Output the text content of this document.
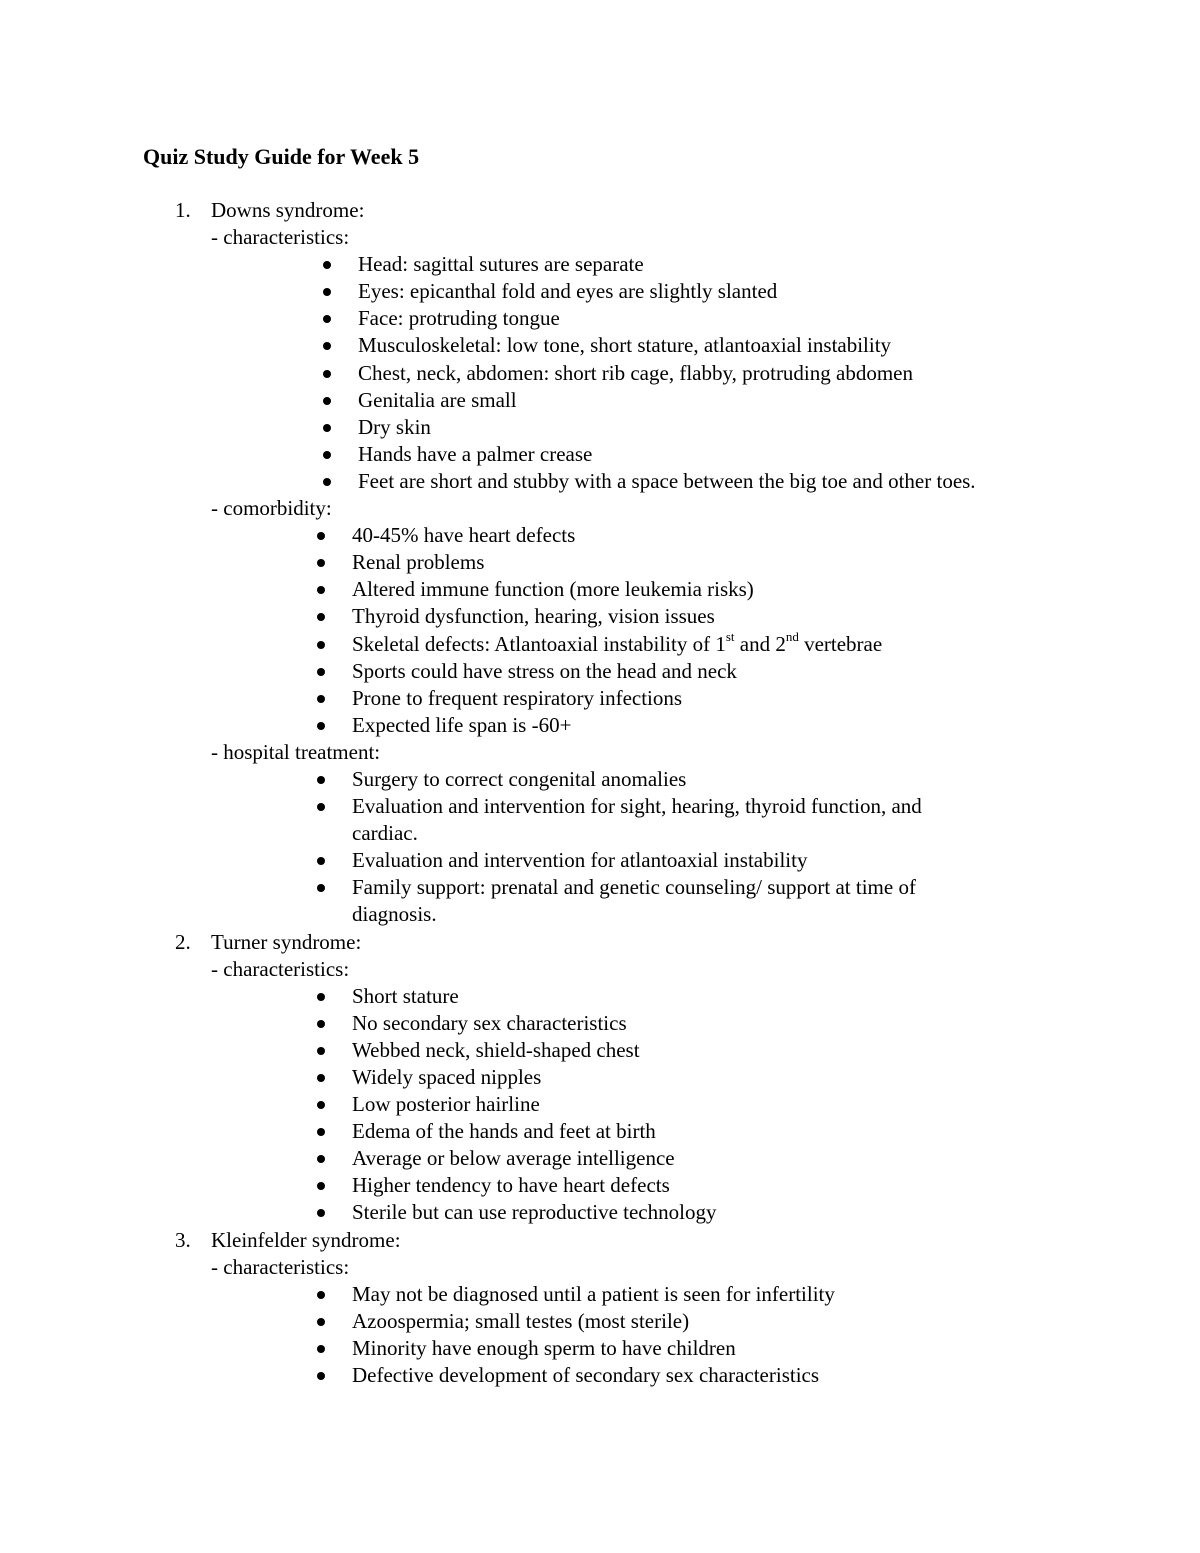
Quiz Study Guide for Week 5
1. Downs syndrome:
- characteristics:
Head: sagittal sutures are separate
Eyes: epicanthal fold and eyes are slightly slanted
Face: protruding tongue
Musculoskeletal: low tone, short stature, atlantoaxial instability
Chest, neck, abdomen: short rib cage, flabby, protruding abdomen
Genitalia are small
Dry skin
Hands have a palmer crease
Feet are short and stubby with a space between the big toe and other toes.
- comorbidity:
40-45% have heart defects
Renal problems
Altered immune function (more leukemia risks)
Thyroid dysfunction, hearing, vision issues
Skeletal defects: Atlantoaxial instability of 1st and 2nd vertebrae
Sports could have stress on the head and neck
Prone to frequent respiratory infections
Expected life span is -60+
- hospital treatment:
Surgery to correct congenital anomalies
Evaluation and intervention for sight, hearing, thyroid function, and
cardiac.
Evaluation and intervention for atlantoaxial instability
Family support: prenatal and genetic counseling/ support at time of
diagnosis.
2. Turner syndrome:
- characteristics:
Short stature
No secondary sex characteristics
Webbed neck, shield-shaped chest
Widely spaced nipples
Low posterior hairline
Edema of the hands and feet at birth
Average or below average intelligence
Higher tendency to have heart defects
Sterile but can use reproductive technology
3. Kleinfelder syndrome:
- characteristics:
May not be diagnosed until a patient is seen for infertility
Azoospermia; small testes (most sterile)
Minority have enough sperm to have children
Defective development of secondary sex characteristics
